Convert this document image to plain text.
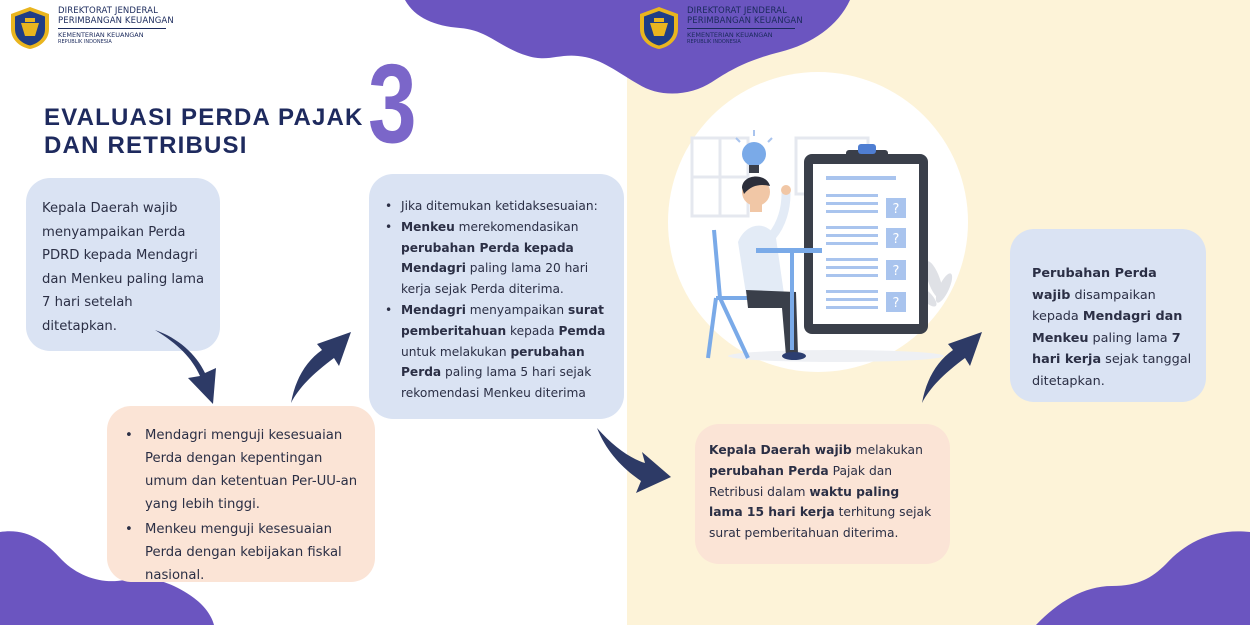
DIREKTORAT JENDERAL
PERIMBANGAN KEUANGAN
KEMENTERIAN KEUANGAN
REPUBLIK INDONESIA
DIREKTORAT JENDERAL
PERIMBANGAN KEUANGAN
KEMENTERIAN KEUANGAN
REPUBLIK INDONESIA
EVALUASI PERDA PAJAK
DAN RETRIBUSI	3

Kepala Daerah wajib menyampaikan Perda PDRD kepada Mendagri dan Menkeu paling lama 7 hari setelah ditetapkan.

• Mendagri menguji kesesuaian Perda dengan kepentingan umum dan ketentuan Per-UU-an yang lebih tinggi.
• Menkeu menguji kesesuaian Perda dengan kebijakan fiskal nasional.
• Jika ditemukan ketidaksesuaian:
• Menkeu merekomendasikan perubahan Perda kepada Mendagri paling lama 20 hari kerja sejak Perda diterima.
• Mendagri menyampaikan surat pemberitahuan kepada Pemda untuk melakukan perubahan Perda paling lama 5 hari sejak rekomendasi Menkeu diterima

Kepala Daerah wajib melakukan perubahan Perda Pajak dan Retribusi dalam waktu paling lama 15 hari kerja terhitung sejak surat pemberitahuan diterima.

Perubahan Perda wajib disampaikan kepada Mendagri dan Menkeu paling lama 7 hari kerja sejak tanggal ditetapkan.

?
?
?
?
